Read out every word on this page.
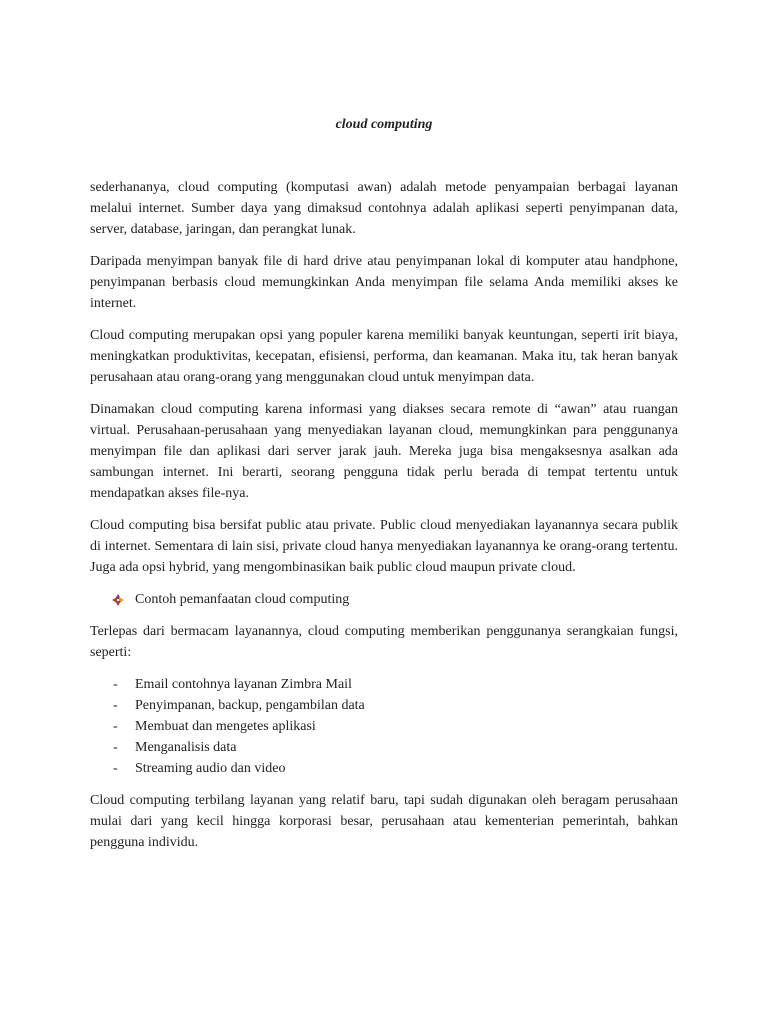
cloud computing

sederhananya, cloud computing (komputasi awan) adalah metode penyampaian berbagai layanan melalui internet. Sumber daya yang dimaksud contohnya adalah aplikasi seperti penyimpanan data, server, database, jaringan, dan perangkat lunak.

Daripada menyimpan banyak file di hard drive atau penyimpanan lokal di komputer atau handphone, penyimpanan berbasis cloud memungkinkan Anda menyimpan file selama Anda memiliki akses ke internet.

Cloud computing merupakan opsi yang populer karena memiliki banyak keuntungan, seperti irit biaya, meningkatkan produktivitas, kecepatan, efisiensi, performa, dan keamanan. Maka itu, tak heran banyak perusahaan atau orang-orang yang menggunakan cloud untuk menyimpan data.

Dinamakan cloud computing karena informasi yang diakses secara remote di “awan” atau ruangan virtual. Perusahaan-perusahaan yang menyediakan layanan cloud, memungkinkan para penggunanya menyimpan file dan aplikasi dari server jarak jauh. Mereka juga bisa mengaksesnya asalkan ada sambungan internet. Ini berarti, seorang pengguna tidak perlu berada di tempat tertentu untuk mendapatkan akses file-nya.

Cloud computing bisa bersifat public atau private. Public cloud menyediakan layanannya secara publik di internet. Sementara di lain sisi, private cloud hanya menyediakan layanannya ke orang-orang tertentu. Juga ada opsi hybrid, yang mengombinasikan baik public cloud maupun private cloud.

Contoh pemanfaatan cloud computing

Terlepas dari bermacam layanannya, cloud computing memberikan penggunanya serangkaian fungsi, seperti:

- Email contohnya layanan Zimbra Mail
- Penyimpanan, backup, pengambilan data
- Membuat dan mengetes aplikasi
- Menganalisis data
- Streaming audio dan video

Cloud computing terbilang layanan yang relatif baru, tapi sudah digunakan oleh beragam perusahaan mulai dari yang kecil hingga korporasi besar, perusahaan atau kementerian pemerintah, bahkan pengguna individu.
